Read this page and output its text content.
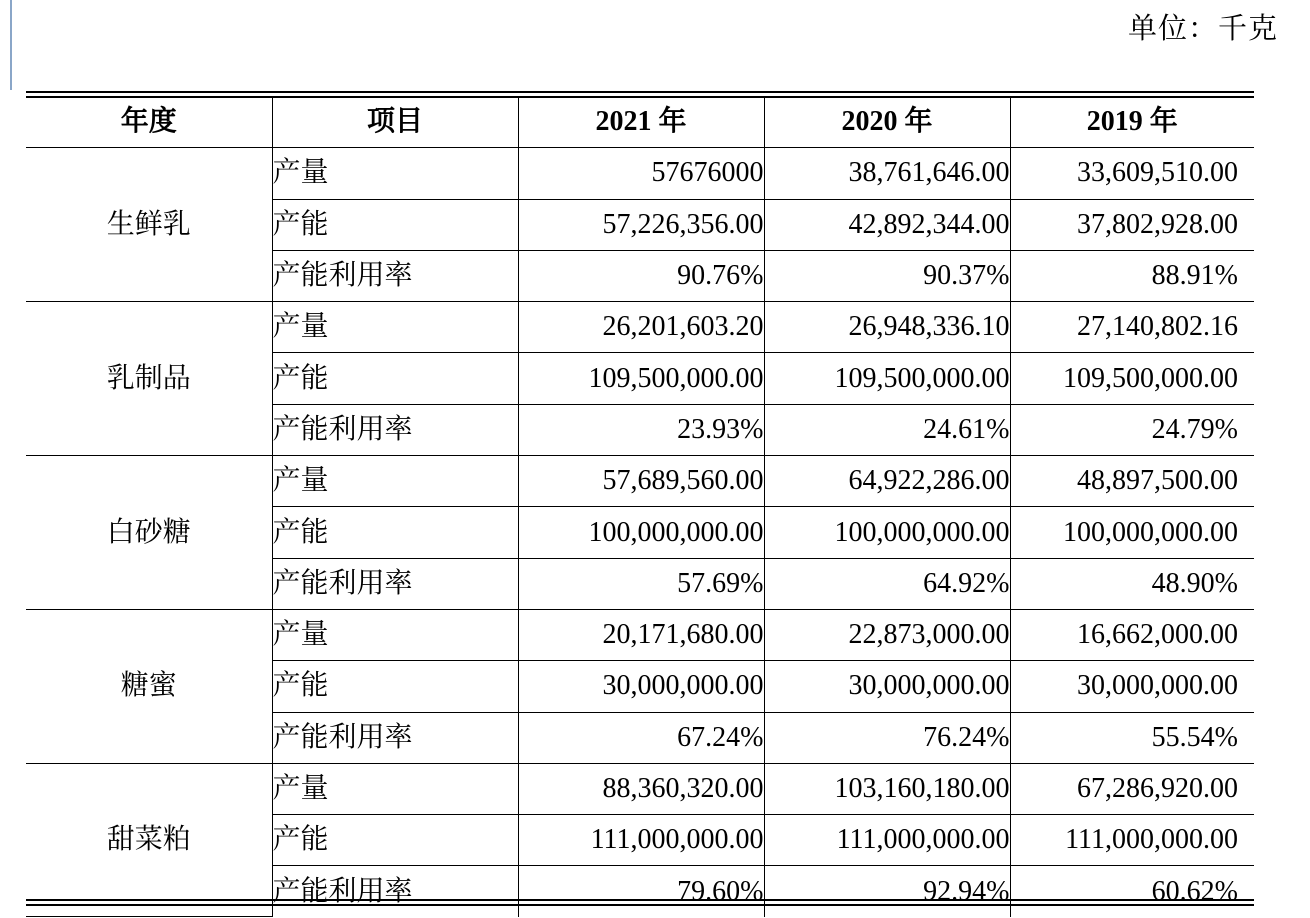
单位：千克
年度	项目	2021 年	2020 年	2019 年
生鲜乳	产量	57676000	38,761,646.00	33,609,510.00
	产能	57,226,356.00	42,892,344.00	37,802,928.00
	产能利用率	90.76%	90.37%	88.91%
乳制品	产量	26,201,603.20	26,948,336.10	27,140,802.16
	产能	109,500,000.00	109,500,000.00	109,500,000.00
	产能利用率	23.93%	24.61%	24.79%
白砂糖	产量	57,689,560.00	64,922,286.00	48,897,500.00
	产能	100,000,000.00	100,000,000.00	100,000,000.00
	产能利用率	57.69%	64.92%	48.90%
糖蜜	产量	20,171,680.00	22,873,000.00	16,662,000.00
	产能	30,000,000.00	30,000,000.00	30,000,000.00
	产能利用率	67.24%	76.24%	55.54%
甜菜粕	产量	88,360,320.00	103,160,180.00	67,286,920.00
	产能	111,000,000.00	111,000,000.00	111,000,000.00
	产能利用率	79.60%	92.94%	60.62%
